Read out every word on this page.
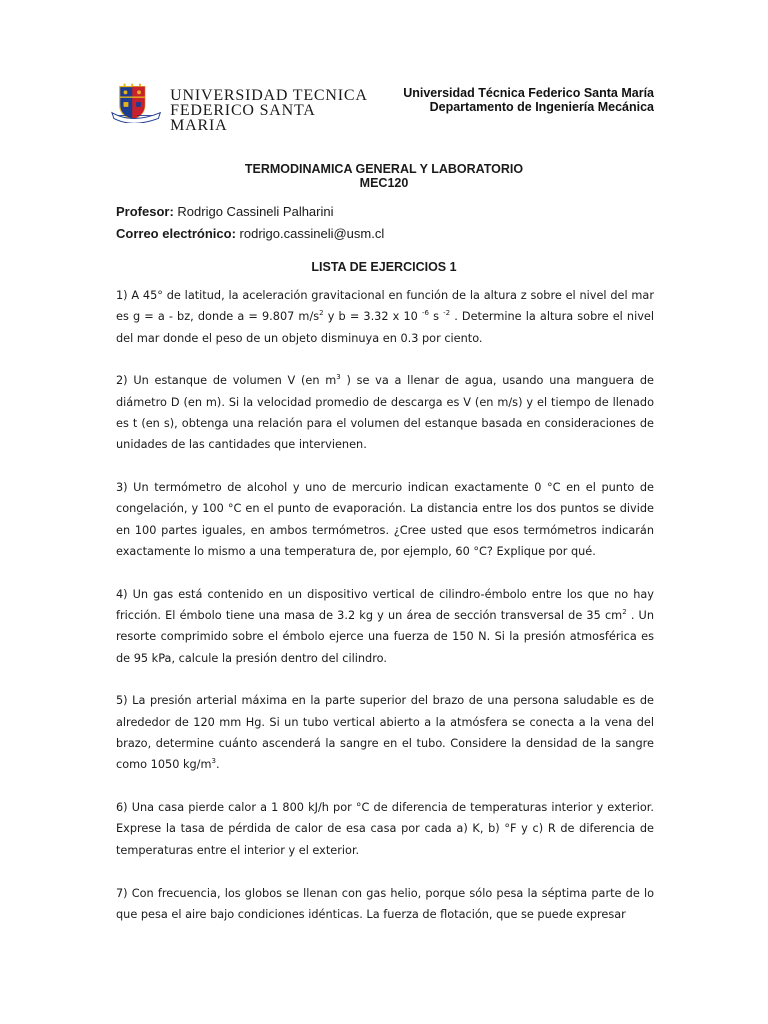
UNIVERSIDAD TECNICA
FEDERICO SANTA MARIA
Universidad Técnica Federico Santa María
Departamento de Ingeniería Mecánica
TERMODINAMICA GENERAL Y LABORATORIO
MEC120
Profesor: Rodrigo Cassineli Palharini
Correo electrónico: rodrigo.cassineli@usm.cl
LISTA DE EJERCICIOS 1

1) A 45° de latitud, la aceleración gravitacional en función de la altura z sobre el nivel del mar es g = a - bz, donde a = 9.807 $m/s^2$ y b = 3.32 x 10 $^{-6}$ s $^{-2}$ . Determine la altura sobre el nivel del mar donde el peso de un objeto disminuya en 0.3 por ciento.

2) Un estanque de volumen V (en $m^3$ ) se va a llenar de agua, usando una manguera de diámetro D (en m). Si la velocidad promedio de descarga es V (en m/s) y el tiempo de llenado es t (en s), obtenga una relación para el volumen del estanque basada en consideraciones de unidades de las cantidades que intervienen.

3) Un termómetro de alcohol y uno de mercurio indican exactamente 0 °C en el punto de congelación, y 100 °C en el punto de evaporación. La distancia entre los dos puntos se divide en 100 partes iguales, en ambos termómetros. ¿Cree usted que esos termómetros indicarán exactamente lo mismo a una temperatura de, por ejemplo, 60 °C? Explique por qué.

4) Un gas está contenido en un dispositivo vertical de cilindro-émbolo entre los que no hay fricción. El émbolo tiene una masa de 3.2 kg y un área de sección transversal de 35 $cm^2$ . Un resorte comprimido sobre el émbolo ejerce una fuerza de 150 N. Si la presión atmosférica es de 95 kPa, calcule la presión dentro del cilindro.

5) La presión arterial máxima en la parte superior del brazo de una persona saludable es de alrededor de 120 mm Hg. Si un tubo vertical abierto a la atmósfera se conecta a la vena del brazo, determine cuánto ascenderá la sangre en el tubo. Considere la densidad de la sangre como 1050 $kg/m^3$.

6) Una casa pierde calor a 1 800 kJ/h por °C de diferencia de temperaturas interior y exterior. Exprese la tasa de pérdida de calor de esa casa por cada a) K, b) °F y c) R de diferencia de temperaturas entre el interior y el exterior.

7) Con frecuencia, los globos se llenan con gas helio, porque sólo pesa la séptima parte de lo que pesa el aire bajo condiciones idénticas. La fuerza de flotación, que se puede expresar
